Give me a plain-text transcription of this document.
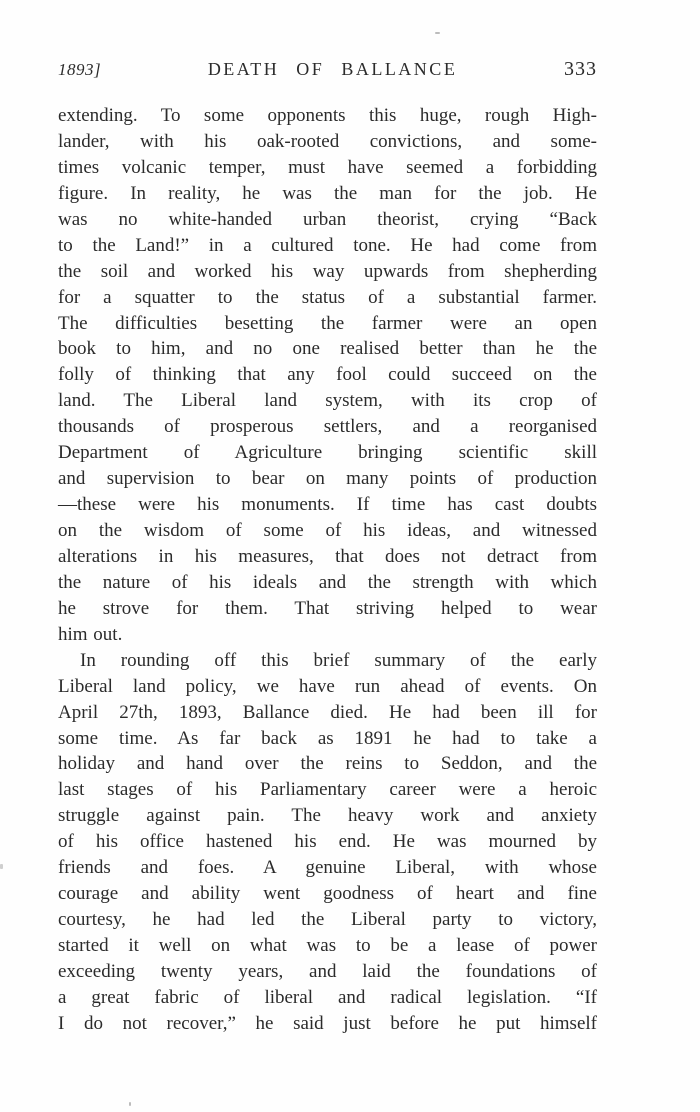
1893]	DEATH OF BALLANCE	333
extending. To some opponents this huge, rough High-
lander, with his oak-rooted convictions, and some-
times volcanic temper, must have seemed a forbidding
figure. In reality, he was the man for the job. He
was no white-handed urban theorist, crying “Back
to the Land!” in a cultured tone. He had come from
the soil and worked his way upwards from shepherding
for a squatter to the status of a substantial farmer.
The difficulties besetting the farmer were an open
book to him, and no one realised better than he the
folly of thinking that any fool could succeed on the
land. The Liberal land system, with its crop of
thousands of prosperous settlers, and a reorganised
Department of Agriculture bringing scientific skill
and supervision to bear on many points of production
—these were his monuments. If time has cast doubts
on the wisdom of some of his ideas, and witnessed
alterations in his measures, that does not detract from
the nature of his ideals and the strength with which
he strove for them. That striving helped to wear
him out.
In rounding off this brief summary of the early
Liberal land policy, we have run ahead of events. On
April 27th, 1893, Ballance died. He had been ill for
some time. As far back as 1891 he had to take a
holiday and hand over the reins to Seddon, and the
last stages of his Parliamentary career were a heroic
struggle against pain. The heavy work and anxiety
of his office hastened his end. He was mourned by
friends and foes. A genuine Liberal, with whose
courage and ability went goodness of heart and fine
courtesy, he had led the Liberal party to victory,
started it well on what was to be a lease of power
exceeding twenty years, and laid the foundations of
a great fabric of liberal and radical legislation. “If
I do not recover,” he said just before he put himself
